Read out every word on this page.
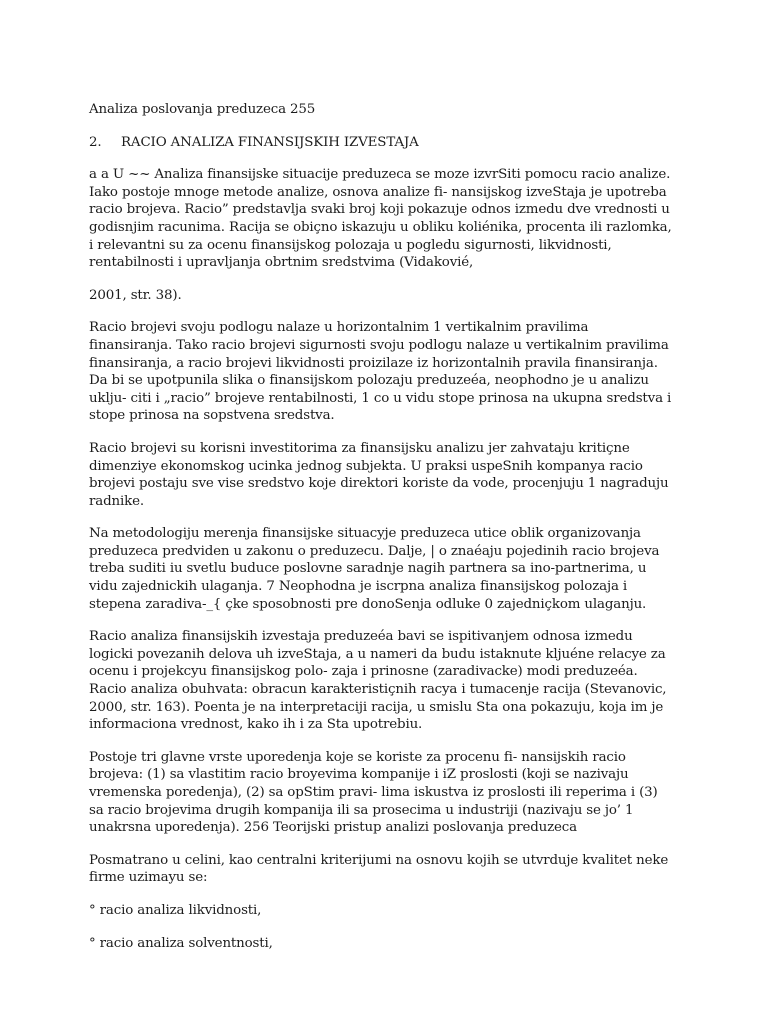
Analiza poslovanja preduzeca 255

2. RACIO ANALIZA FINANSIJSKIH IZVESTAJA

a a U ~~ Analiza finansijske situacije preduzeca se moze izvrSiti pomocu racio analize. Iako postoje mnoge metode analize, osnova analize fi- nansijskog izveStaja je upotreba racio brojeva. Racio” predstavlja svaki broj koji pokazuje odnos izmedu dve vrednosti u godisnjim racunima. Racija se obiçno iskazuju u obliku koliénika, procenta ili razlomka, i relevantni su za ocenu finansijskog polozaja u pogledu sigurnosti, likvidnosti, rentabilnosti i upravljanja obrtnim sredstvima (Vidakovié,

2001, str. 38).

Racio brojevi svoju podlogu nalaze u horizontalnim 1 vertikalnim pravilima finansiranja. Tako racio brojevi sigurnosti svoju podlogu nalaze u vertikalnim pravilima finansiranja, a racio brojevi likvidnosti proizilaze iz horizontalnih pravila finansiranja. Da bi se upotpunila slika o finansijskom polozaju preduzeéa, neophodno je u analizu uklju- citi i „racio” brojeve rentabilnosti, 1 co u vidu stope prinosa na ukupna sredstva i stope prinosa na sopstvena sredstva.

Racio brojevi su korisni investitorima za finansijsku analizu jer zahvataju kritiçne dimenziye ekonomskog ucinka jednog subjekta. U praksi uspeSnih kompanya racio brojevi postaju sve vise sredstvo koje direktori koriste da vode, procenjuju 1 nagraduju radnike.

Na metodologiju merenja finansijske situacyje preduzeca utice oblik organizovanja preduzeca predviden u zakonu o preduzecu. Dalje, | o znaéaju pojedinih racio brojeva treba suditi iu svetlu buduce poslovne saradnje nagih partnera sa ino-partnerima, u vidu zajednickih ulaganja. 7 Neophodna je iscrpna analiza finansijskog polozaja i stepena zaradiva-_{ çke sposobnosti pre donoSenja odluke 0 zajedniçkom ulaganju.

Racio analiza finansijskih izvestaja preduzeéa bavi se ispitivanjem odnosa izmedu logicki povezanih delova uh izveStaja, a u nameri da budu istaknute kljuéne relacye za ocenu i projekcyu finansijskog polo- zaja i prinosne (zaradivacke) modi preduzeéa. Racio analiza obuhvata: obracun karakteristiçnih racya i tumacenje racija (Stevanovic, 2000, str. 163). Poenta je na interpretaciji racija, u smislu Sta ona pokazuju, koja im je informaciona vrednost, kako ih i za Sta upotrebiu.

Postoje tri glavne vrste uporedenja koje se koriste za procenu fi- nansijskih racio brojeva: (1) sa vlastitim racio broyevima kompanije i iZ proslosti (koji se nazivaju vremenska poredenja), (2) sa opStim pravi- lima iskustva iz proslosti ili reperima i (3) sa racio brojevima drugih kompanija ili sa prosecima u industriji (nazivaju se jo’ 1 unakrsna uporedenja). 256 Teorijski pristup analizi poslovanja preduzeca

Posmatrano u celini, kao centralni kriterijumi na osnovu kojih se utvrduje kvalitet neke firme uzimayu se:

° racio analiza likvidnosti,

° racio analiza solventnosti,
